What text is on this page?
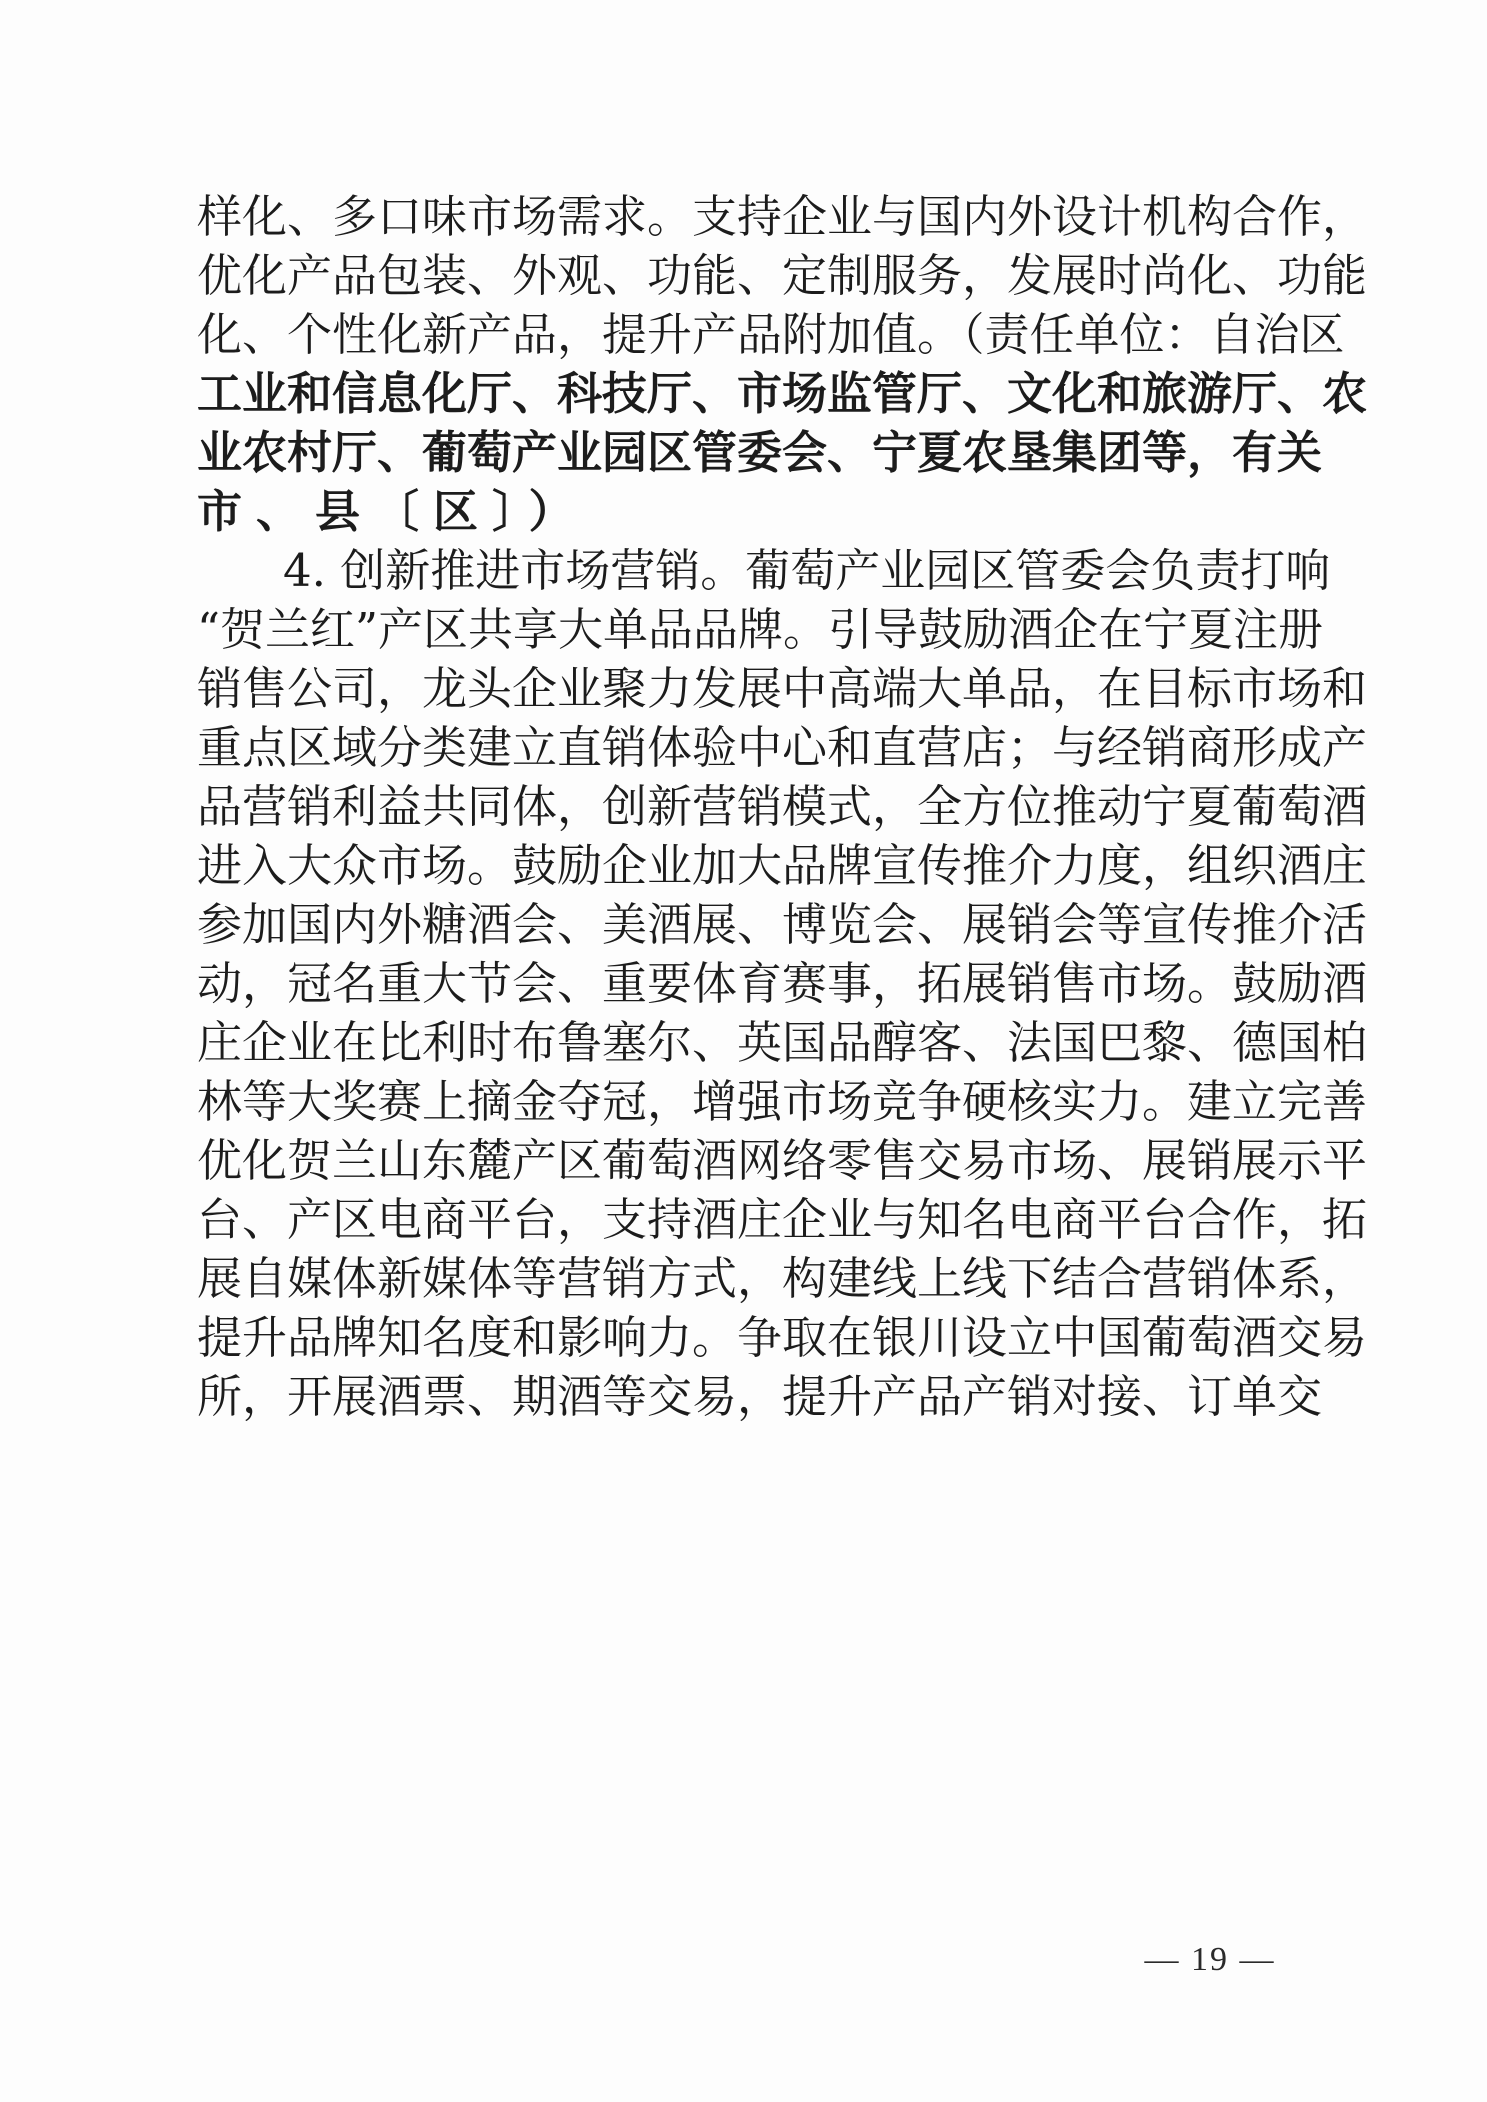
样化、多口味市场需求。支持企业与国内外设计机构合作，
优化产品包装、外观、功能、定制服务，发展时尚化、功能
化、个性化新产品，提升产品附加值。（责任单位：自治区
工业和信息化厅、科技厅、市场监管厅、文化和旅游厅、农
业农村厅、葡萄产业园区管委会、宁夏农垦集团等，有关
市、县〔区〕）
4. 创新推进市场营销。葡萄产业园区管委会负责打响
“贺兰红”产区共享大单品品牌。引导鼓励酒企在宁夏注册
销售公司，龙头企业聚力发展中高端大单品，在目标市场和
重点区域分类建立直销体验中心和直营店；与经销商形成产
品营销利益共同体，创新营销模式，全方位推动宁夏葡萄酒
进入大众市场。鼓励企业加大品牌宣传推介力度，组织酒庄
参加国内外糖酒会、美酒展、博览会、展销会等宣传推介活
动，冠名重大节会、重要体育赛事，拓展销售市场。鼓励酒
庄企业在比利时布鲁塞尔、英国品醇客、法国巴黎、德国柏
林等大奖赛上摘金夺冠，增强市场竞争硬核实力。建立完善
优化贺兰山东麓产区葡萄酒网络零售交易市场、展销展示平
台、产区电商平台，支持酒庄企业与知名电商平台合作，拓
展自媒体新媒体等营销方式，构建线上线下结合营销体系，
提升品牌知名度和影响力。争取在银川设立中国葡萄酒交易
所，开展酒票、期酒等交易，提升产品产销对接、订单交
— 19 —
